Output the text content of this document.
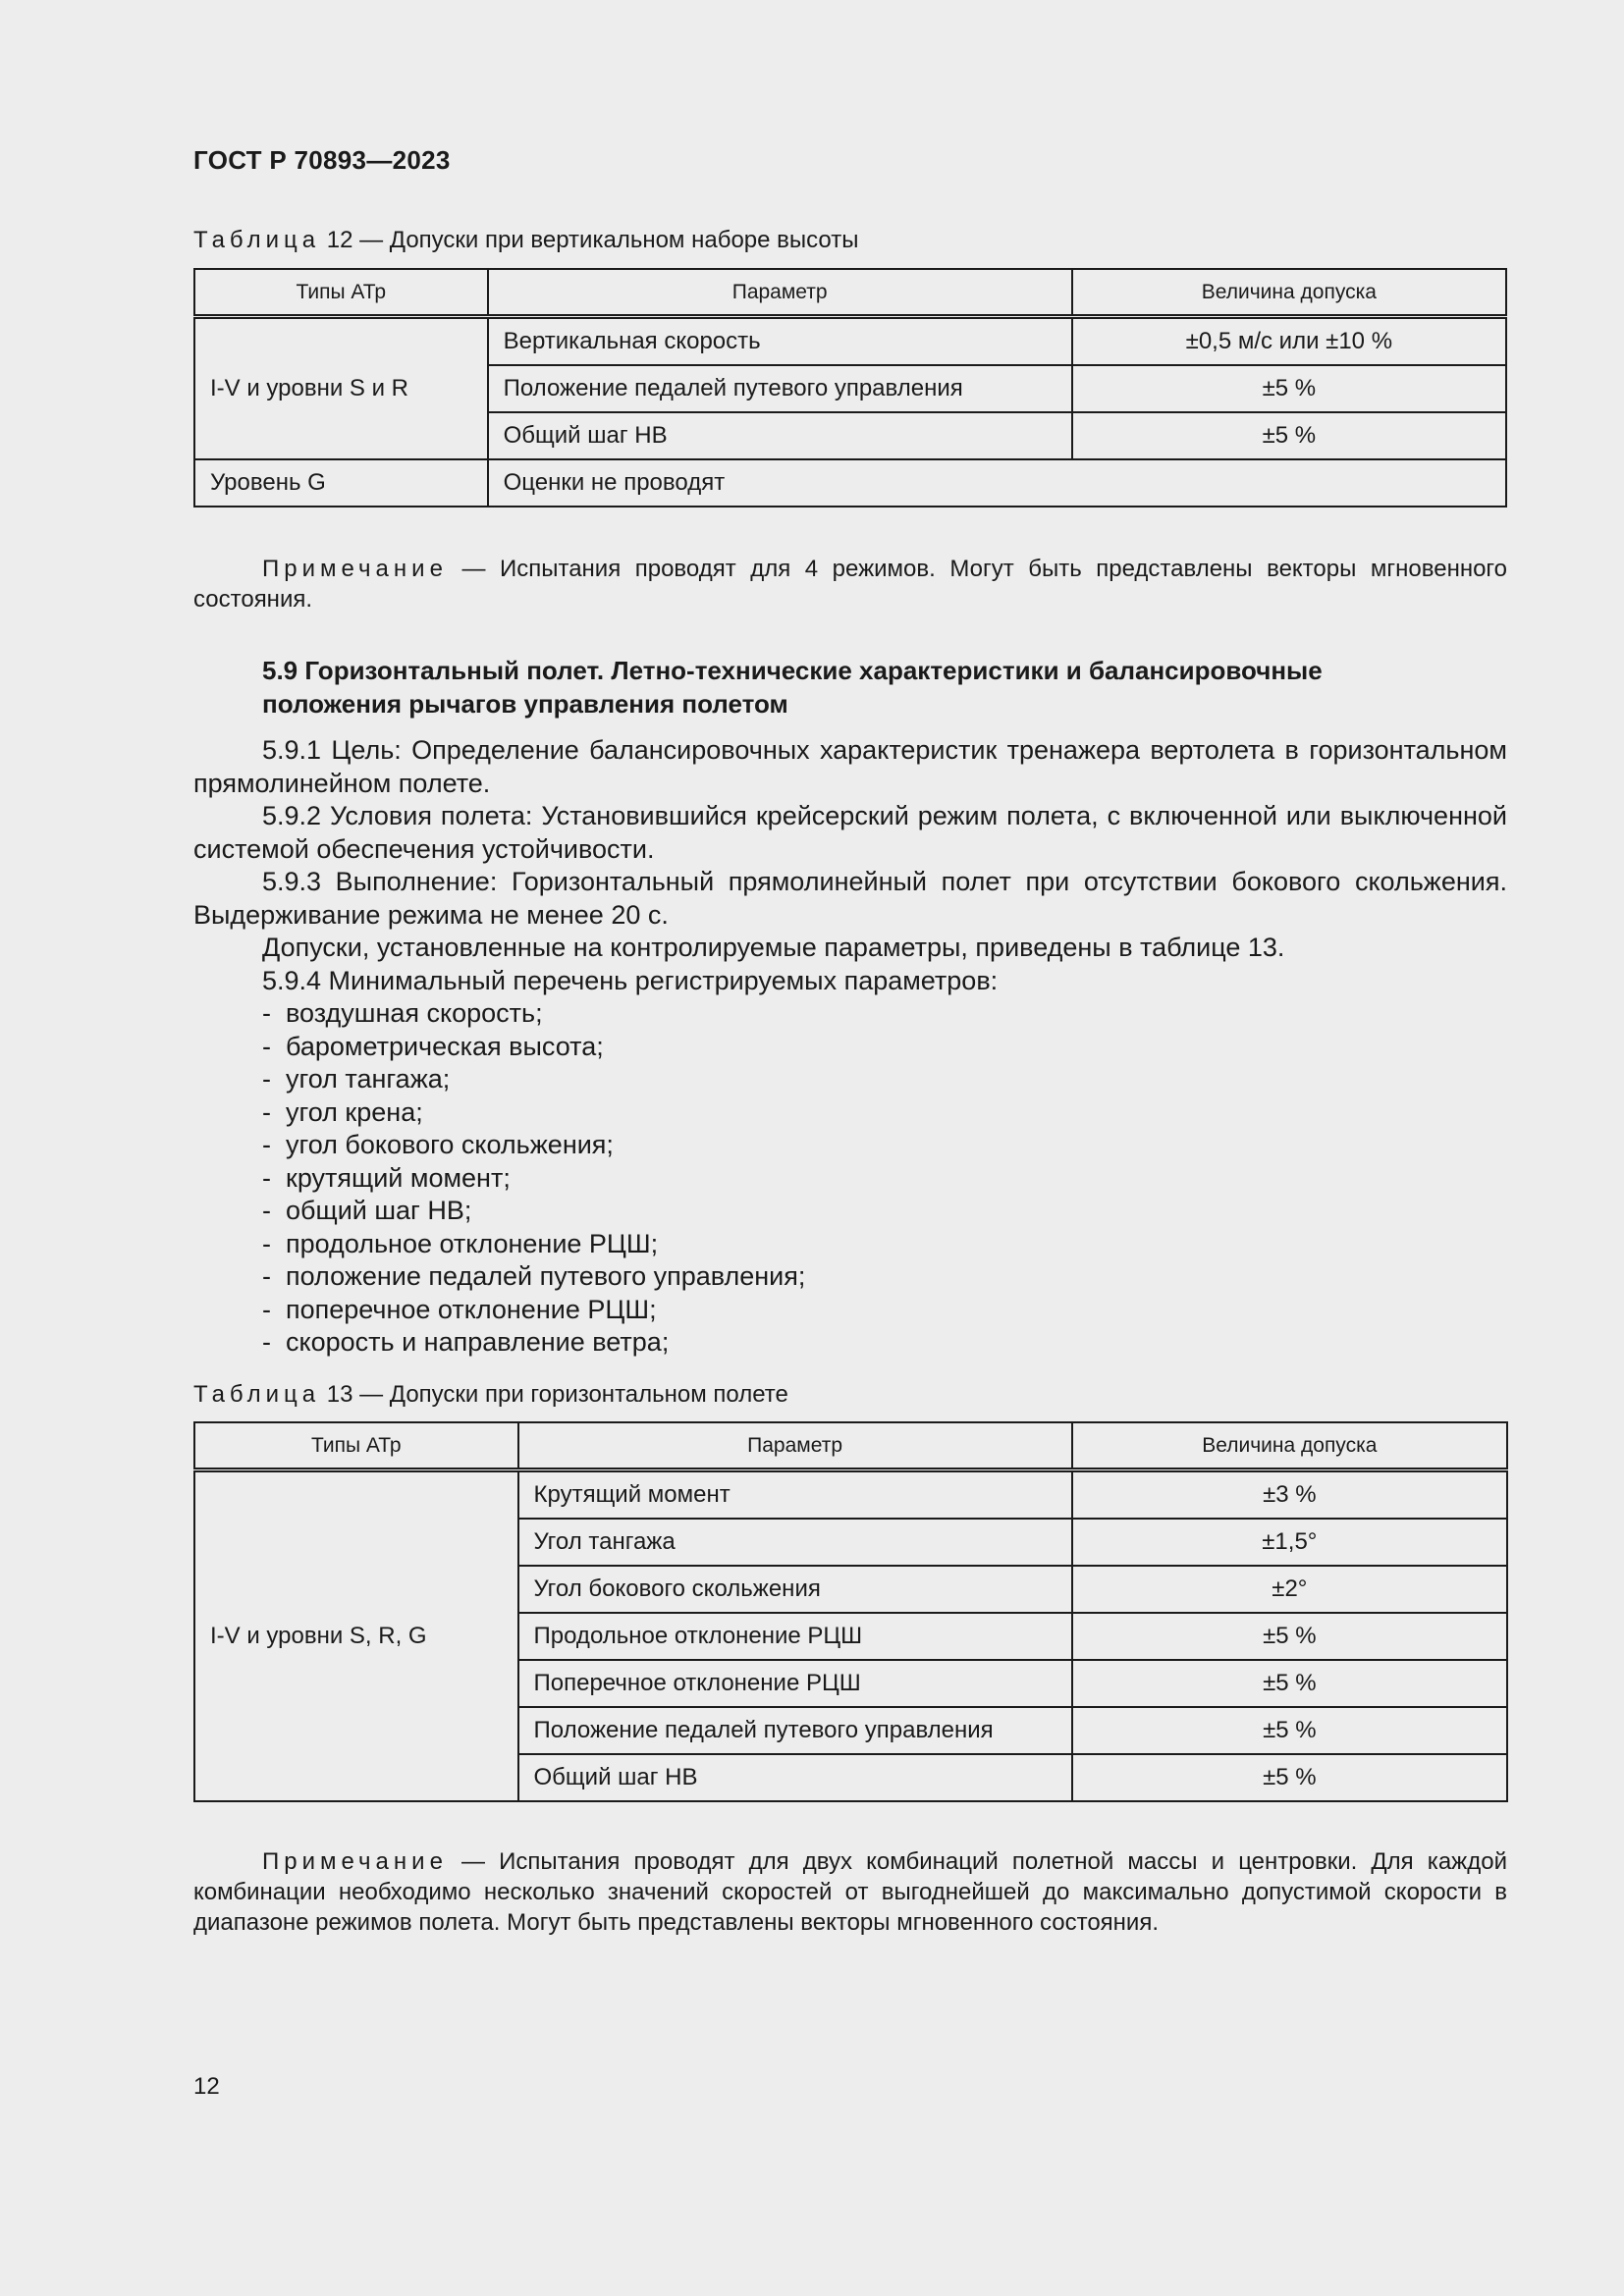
ГОСТ Р 70893—2023
Таблица 12 — Допуски при вертикальном наборе высоты
Типы АТр	Параметр	Величина допуска
I-V и уровни S и R	Вертикальная скорость	±0,5 м/с или ±10 %
	Положение педалей путевого управления	±5 %
	Общий шаг НВ	±5 %
Уровень G	Оценки не проводят	
Примечание — Испытания проводят для 4 режимов. Могут быть представлены векторы мгновенного состояния.
5.9 Горизонтальный полет. Летно-технические характеристики и балансировочные положения рычагов управления полетом

5.9.1 Цель: Определение балансировочных характеристик тренажера вертолета в горизонтальном прямолинейном полете.

5.9.2 Условия полета: Установившийся крейсерский режим полета, с включенной или выключенной системой обеспечения устойчивости.

5.9.3 Выполнение: Горизонтальный прямолинейный полет при отсутствии бокового скольжения. Выдерживание режима не менее 20 с.

Допуски, установленные на контролируемые параметры, приведены в таблице 13.

5.9.4 Минимальный перечень регистрируемых параметров:

- воздушная скорость;
- барометрическая высота;
- угол тангажа;
- угол крена;
- угол бокового скольжения;
- крутящий момент;
- общий шаг НВ;
- продольное отклонение РЦШ;
- положение педалей путевого управления;
- поперечное отклонение РЦШ;
- скорость и направление ветра;
Таблица 13 — Допуски при горизонтальном полете
Типы АТр	Параметр	Величина допуска
I-V и уровни S, R, G	Крутящий момент	±3 %
	Угол тангажа	±1,5°
	Угол бокового скольжения	±2°
	Продольное отклонение РЦШ	±5 %
	Поперечное отклонение РЦШ	±5 %
	Положение педалей путевого управления	±5 %
	Общий шаг НВ	±5 %
Примечание — Испытания проводят для двух комбинаций полетной массы и центровки. Для каждой комбинации необходимо несколько значений скоростей от выгоднейшей до максимально допустимой скорости в диапазоне режимов полета. Могут быть представлены векторы мгновенного состояния.
12
